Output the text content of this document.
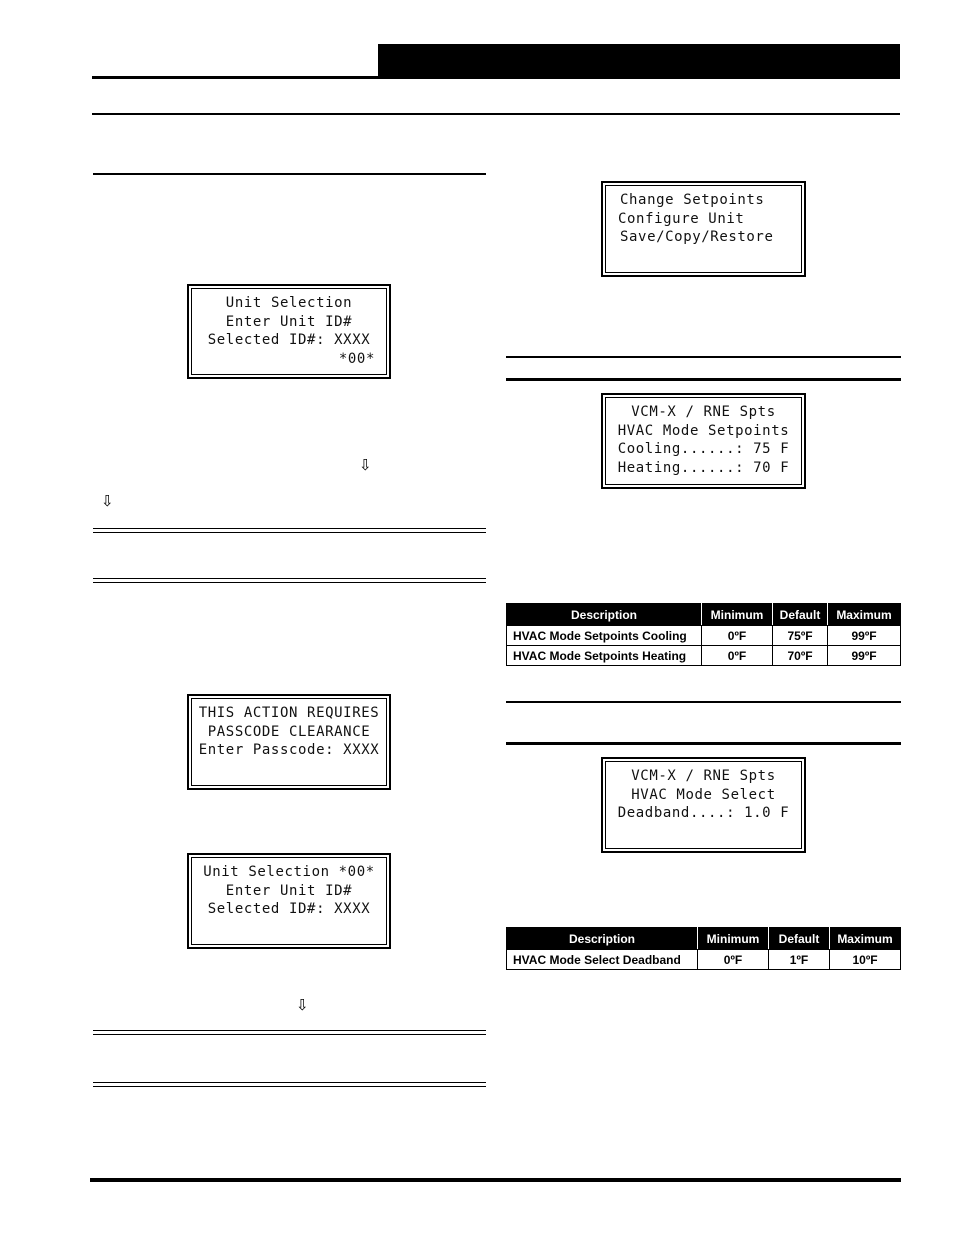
Unit Selection
Enter Unit ID#
Selected ID#: XXXX
*00*
⇩
⇩
THIS ACTION REQUIRES
PASSCODE CLEARANCE
Enter Passcode: XXXX
Unit Selection *00*
Enter Unit ID#
Selected ID#: XXXX
⇩
Change Setpoints
Configure Unit
Save/Copy/Restore
VCM-X / RNE Spts
HVAC Mode Setpoints
Cooling......: 75 F
Heating......: 70 F
Description	Minimum	Default	Maximum
HVAC Mode Setpoints Cooling	0ºF	75ºF	99ºF
HVAC Mode Setpoints Heating	0ºF	70ºF	99ºF
VCM-X / RNE Spts
HVAC Mode Select
Deadband....: 1.0 F
Description	Minimum	Default	Maximum
HVAC Mode Select Deadband	0ºF	1ºF	10ºF
